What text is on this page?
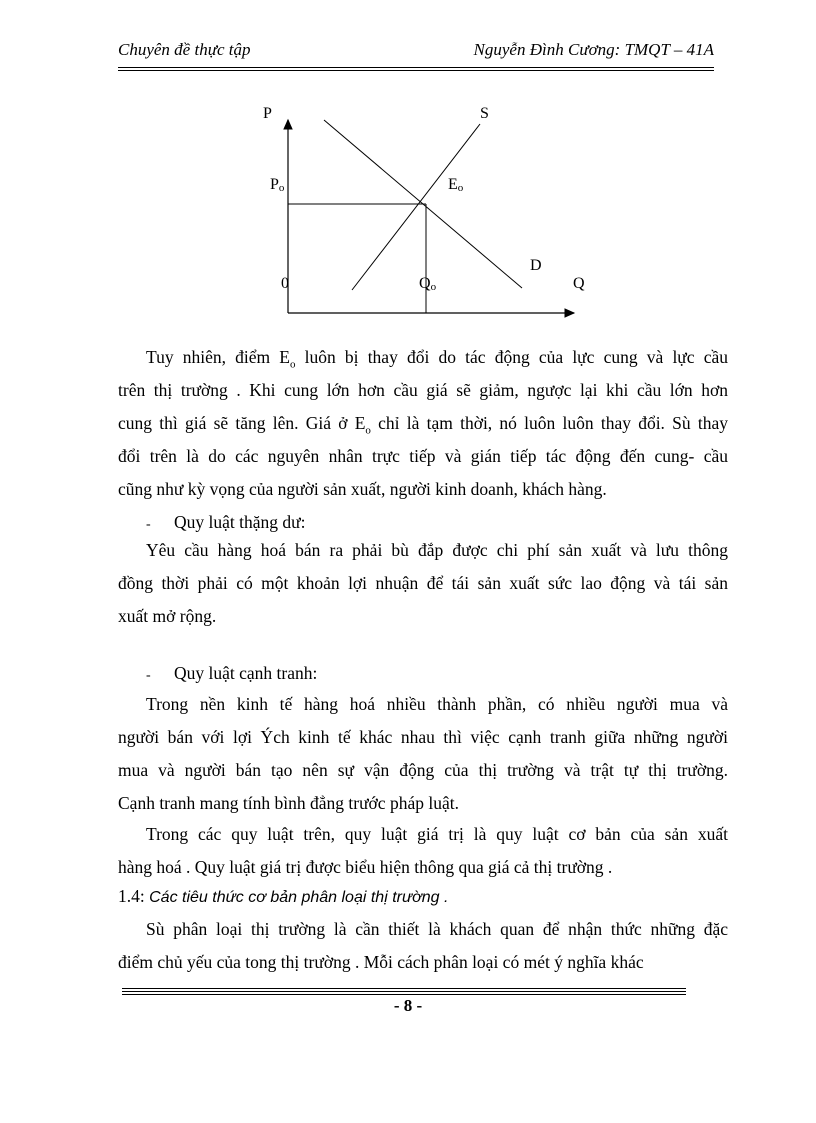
Chuyên đề thực tập	Nguyễn Đình Cương: TMQT – 41A
P	S
Po	Eo
D
0	Qo	Q
Tuy nhiên, điểm $E_o$ luôn bị thay đổi do tác động của lực cung và lực cầu
trên thị trường . Khi cung lớn hơn cầu giá sẽ giảm, ngược lại khi cầu lớn hơn
cung thì giá sẽ tăng lên. Giá ở $E_o$ chỉ là tạm thời, nó luôn luôn thay đổi. Sù thay
đổi trên là do các nguyên nhân trực tiếp và gián tiếp tác động đến cung- cầu
cũng như kỳ vọng của người sản xuất, người kinh doanh, khách hàng.
- Quy luật thặng dư:
Yêu cầu hàng hoá bán ra phải bù đắp được chi phí sản xuất và lưu thông
đồng thời phải có một khoản lợi nhuận để tái sản xuất sức lao động và tái sản
xuất mở rộng.
- Quy luật cạnh tranh:
Trong nền kinh tế hàng hoá nhiều thành phần, có nhiều người mua và
người bán với lợi Ých kinh tế khác nhau thì việc cạnh tranh giữa những người
mua và người bán tạo nên sự vận động của thị trường và trật tự thị trường.
Cạnh tranh mang tính bình đẳng trước pháp luật.
Trong các quy luật trên, quy luật giá trị là quy luật cơ bản của sản xuất
hàng hoá . Quy luật giá trị được biểu hiện thông qua giá cả thị trường .
1.4: Các tiêu thức cơ bản phân loại thị trường .
Sù phân loại thị trường là cần thiết là khách quan để nhận thức những đặc
điểm chủ yếu của tong thị trường . Mỗi cách phân loại có mét ý nghĩa khác
- 8 -
